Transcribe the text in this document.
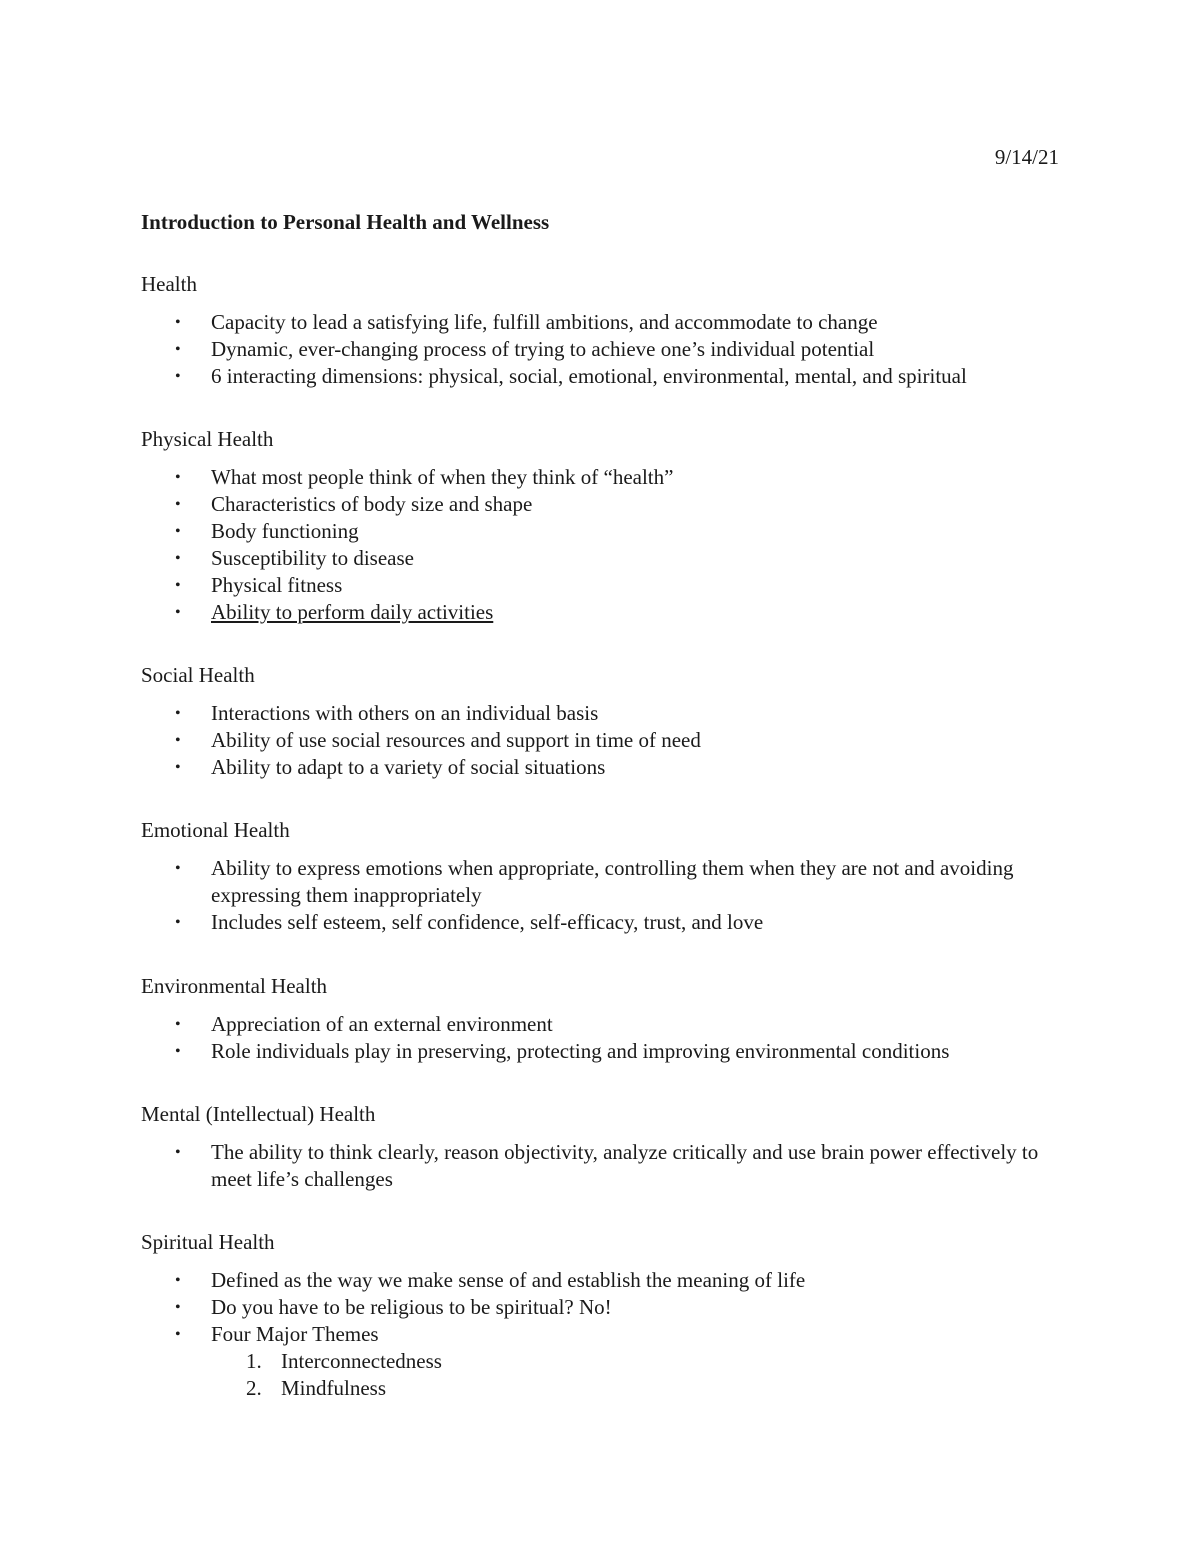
9/14/21
Introduction to Personal Health and Wellness
Health
• Capacity to lead a satisfying life, fulfill ambitions, and accommodate to change
• Dynamic, ever-changing process of trying to achieve one’s individual potential
• 6 interacting dimensions: physical, social, emotional, environmental, mental, and spiritual
Physical Health
• What most people think of when they think of “health”
• Characteristics of body size and shape
• Body functioning
• Susceptibility to disease
• Physical fitness
• Ability to perform daily activities
Social Health
• Interactions with others on an individual basis
• Ability of use social resources and support in time of need
• Ability to adapt to a variety of social situations
Emotional Health
• Ability to express emotions when appropriate, controlling them when they are not and avoiding expressing them inappropriately
• Includes self esteem, self confidence, self-efficacy, trust, and love
Environmental Health
• Appreciation of an external environment
• Role individuals play in preserving, protecting and improving environmental conditions
Mental (Intellectual) Health
• The ability to think clearly, reason objectivity, analyze critically and use brain power effectively to meet life’s challenges
Spiritual Health
• Defined as the way we make sense of and establish the meaning of life
• Do you have to be religious to be spiritual? No!
• Four Major Themes
1. Interconnectedness
2. Mindfulness
